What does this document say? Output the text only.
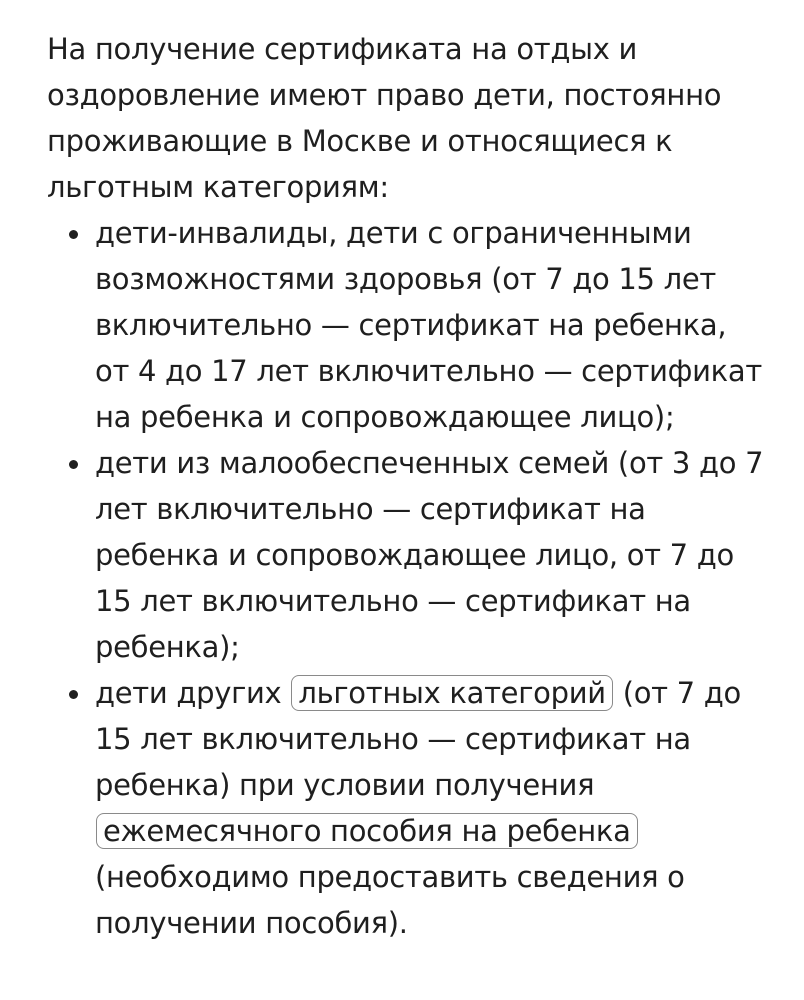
На получение сертификата на отдых и оздоровление имеют право дети, постоянно проживающие в Москве и относящиеся к льготным категориям:

дети-инвалиды, дети с ограниченными возможностями здоровья (от 7 до 15 лет включительно — сертификат на ребенка, от 4 до 17 лет включительно — сертификат на ребенка и сопровождающее лицо);
дети из малообеспеченных семей (от 3 до 7 лет включительно — сертификат на ребенка и сопровождающее лицо, от 7 до 15 лет включительно — сертификат на ребенка);
дети других льготных категорий (от 7 до 15 лет включительно — сертификат на ребенка) при условии получения ежемесячного пособия на ребенка (необходимо предоставить сведения о получении пособия).
